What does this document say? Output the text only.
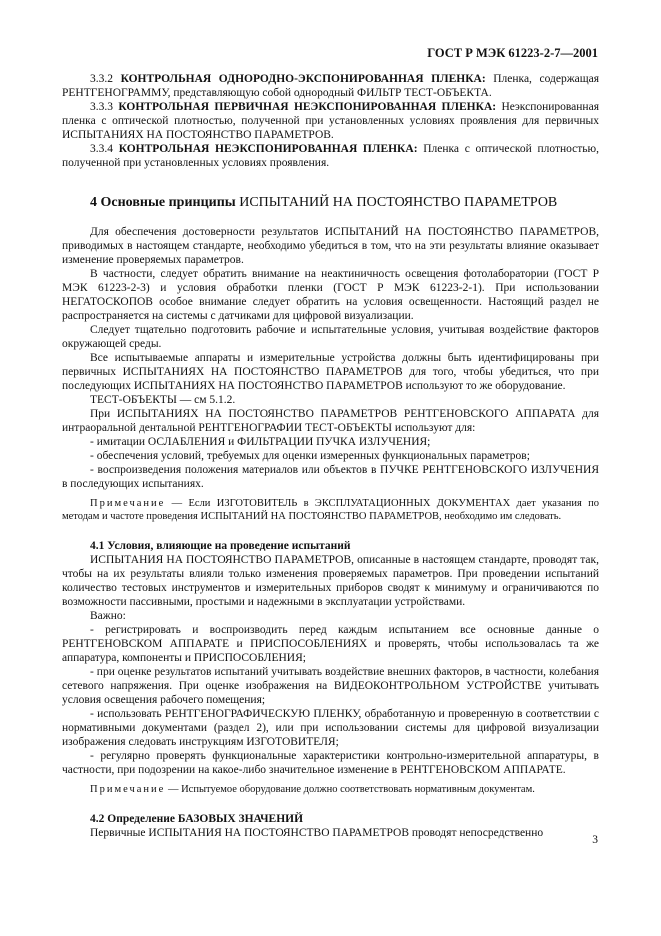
ГОСТ Р МЭК 61223-2-7—2001

3.3.2 КОНТРОЛЬНАЯ ОДНОРОДНО-ЭКСПОНИРОВАННАЯ ПЛЕНКА: Пленка, содержащая РЕНТГЕНОГРАММУ, представляющую собой однородный ФИЛЬТР ТЕСТ-ОБЪЕКТА.

3.3.3 КОНТРОЛЬНАЯ ПЕРВИЧНАЯ НЕЭКСПОНИРОВАННАЯ ПЛЕНКА: Неэкспонированная пленка с оптической плотностью, полученной при установленных условиях проявления для первичных ИСПЫТАНИЯХ НА ПОСТОЯНСТВО ПАРАМЕТРОВ.

3.3.4 КОНТРОЛЬНАЯ НЕЭКСПОНИРОВАННАЯ ПЛЕНКА: Пленка с оптической плотностью, полученной при установленных условиях проявления.

4 Основные принципы ИСПЫТАНИЙ НА ПОСТОЯНСТВО ПАРАМЕТРОВ

Для обеспечения достоверности результатов ИСПЫТАНИЙ НА ПОСТОЯНСТВО ПАРАМЕТРОВ, приводимых в настоящем стандарте, необходимо убедиться в том, что на эти результаты влияние оказывает изменение проверяемых параметров.

В частности, следует обратить внимание на неактиничность освещения фотолаборатории (ГОСТ Р МЭК 61223-2-3) и условия обработки пленки (ГОСТ Р МЭК 61223-2-1). При использовании НЕГАТОСКОПОВ особое внимание следует обратить на условия освещенности. Настоящий раздел не распространяется на системы с датчиками для цифровой визуализации.

Следует тщательно подготовить рабочие и испытательные условия, учитывая воздействие факторов окружающей среды.

Все испытываемые аппараты и измерительные устройства должны быть идентифицированы при первичных ИСПЫТАНИЯХ НА ПОСТОЯНСТВО ПАРАМЕТРОВ для того, чтобы убедиться, что при последующих ИСПЫТАНИЯХ НА ПОСТОЯНСТВО ПАРАМЕТРОВ используют то же оборудование.

ТЕСТ-ОБЪЕКТЫ — см 5.1.2.

При ИСПЫТАНИЯХ НА ПОСТОЯНСТВО ПАРАМЕТРОВ РЕНТГЕНОВСКОГО АППАРАТА для интраоральной дентальной РЕНТГЕНОГРАФИИ ТЕСТ-ОБЪЕКТЫ используют для:

- имитации ОСЛАБЛЕНИЯ и ФИЛЬТРАЦИИ ПУЧКА ИЗЛУЧЕНИЯ;

- обеспечения условий, требуемых для оценки измеренных функциональных параметров;

- воспроизведения положения материалов или объектов в ПУЧКЕ РЕНТГЕНОВСКОГО ИЗЛУЧЕНИЯ в последующих испытаниях.

Примечание — Если ИЗГОТОВИТЕЛЬ в ЭКСПЛУАТАЦИОННЫХ ДОКУМЕНТАХ дает указания по методам и частоте проведения ИСПЫТАНИЙ НА ПОСТОЯНСТВО ПАРАМЕТРОВ, необходимо им следовать.

4.1 Условия, влияющие на проведение испытаний

ИСПЫТАНИЯ НА ПОСТОЯНСТВО ПАРАМЕТРОВ, описанные в настоящем стандарте, проводят так, чтобы на их результаты влияли только изменения проверяемых параметров. При проведении испытаний количество тестовых инструментов и измерительных приборов сводят к минимуму и ограничиваются по возможности пассивными, простыми и надежными в эксплуатации устройствами.

Важно:

- регистрировать и воспроизводить перед каждым испытанием все основные данные о РЕНТГЕНОВСКОМ АППАРАТЕ и ПРИСПОСОБЛЕНИЯХ и проверять, чтобы использовалась та же аппаратура, компоненты и ПРИСПОСОБЛЕНИЯ;

- при оценке результатов испытаний учитывать воздействие внешних факторов, в частности, колебания сетевого напряжения. При оценке изображения на ВИДЕОКОНТРОЛЬНОМ УСТРОЙСТВЕ учитывать условия освещения рабочего помещения;

- использовать РЕНТГЕНОГРАФИЧЕСКУЮ ПЛЕНКУ, обработанную и проверенную в соответствии с нормативными документами (раздел 2), или при использовании системы для цифровой визуализации изображения следовать инструкциям ИЗГОТОВИТЕЛЯ;

- регулярно проверять функциональные характеристики контрольно-измерительной аппаратуры, в частности, при подозрении на какое-либо значительное изменение в РЕНТГЕНОВСКОМ АППАРАТЕ.

Примечание — Испытуемое оборудование должно соответствовать нормативным документам.

4.2 Определение БАЗОВЫХ ЗНАЧЕНИЙ

Первичные ИСПЫТАНИЯ НА ПОСТОЯНСТВО ПАРАМЕТРОВ проводят непосредственно

3
